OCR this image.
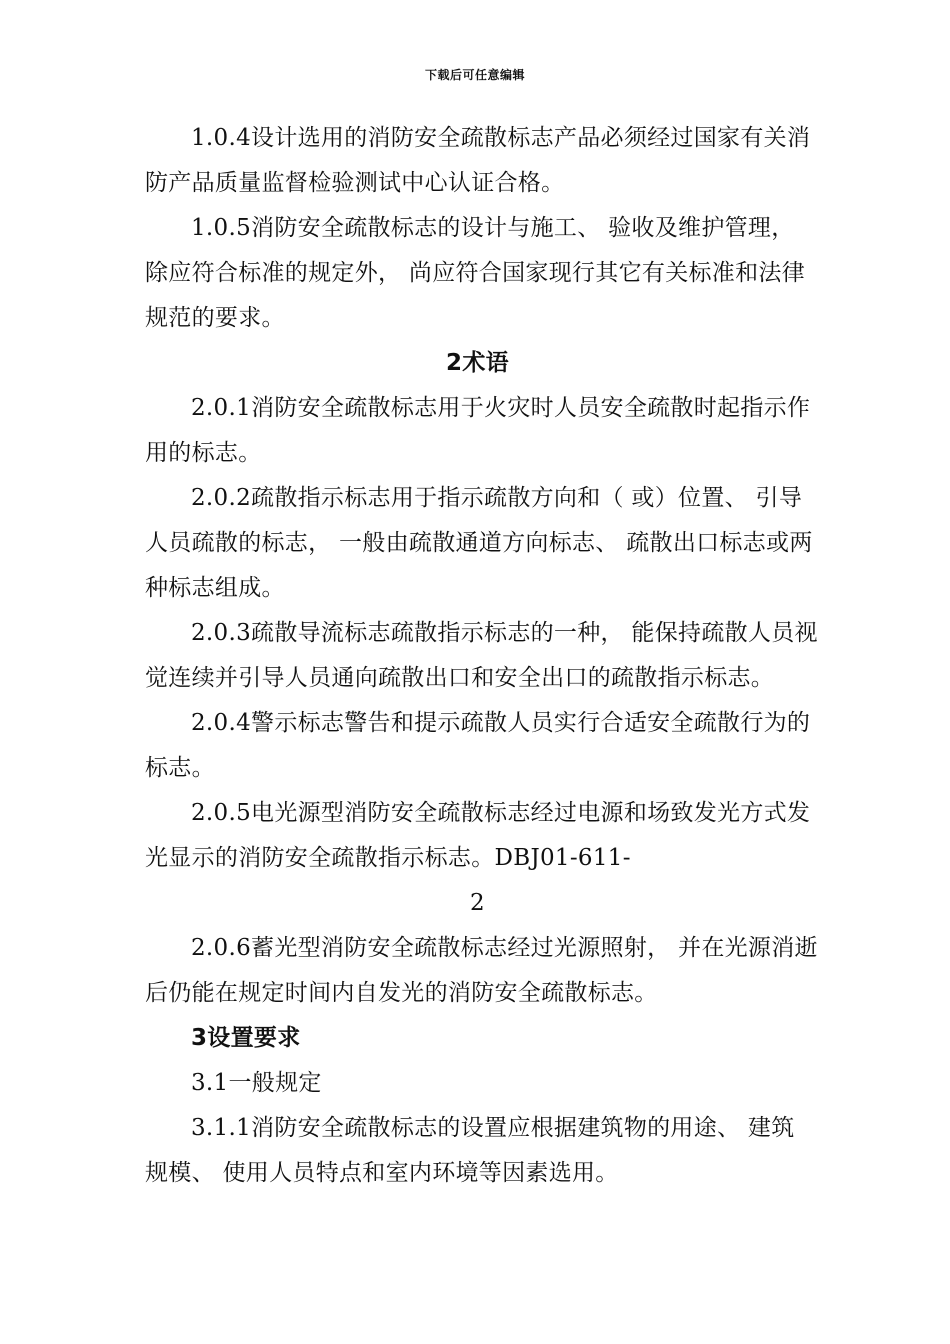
下载后可任意编辑
1.0.4设计选用的消防安全疏散标志产品必须经过国家有关消
防产品质量监督检验测试中心认证合格。
1.0.5消防安全疏散标志的设计与施工、 验收及维护管理，
除应符合标准的规定外， 尚应符合国家现行其它有关标准和法律
规范的要求。
2术语
2.0.1消防安全疏散标志用于火灾时人员安全疏散时起指示作
用的标志。
2.0.2疏散指示标志用于指示疏散方向和（ 或）位置、 引导
人员疏散的标志， 一般由疏散通道方向标志、 疏散出口标志或两
种标志组成。
2.0.3疏散导流标志疏散指示标志的一种， 能保持疏散人员视
觉连续并引导人员通向疏散出口和安全出口的疏散指示标志。
2.0.4警示标志警告和提示疏散人员实行合适安全疏散行为的
标志。
2.0.5电光源型消防安全疏散标志经过电源和场致发光方式发
光显示的消防安全疏散指示标志。DBJ01-611-
2
2.0.6蓄光型消防安全疏散标志经过光源照射， 并在光源消逝
后仍能在规定时间内自发光的消防安全疏散标志。
3设置要求
3.1一般规定
3.1.1消防安全疏散标志的设置应根据建筑物的用途、 建筑
规模、 使用人员特点和室内环境等因素选用。
